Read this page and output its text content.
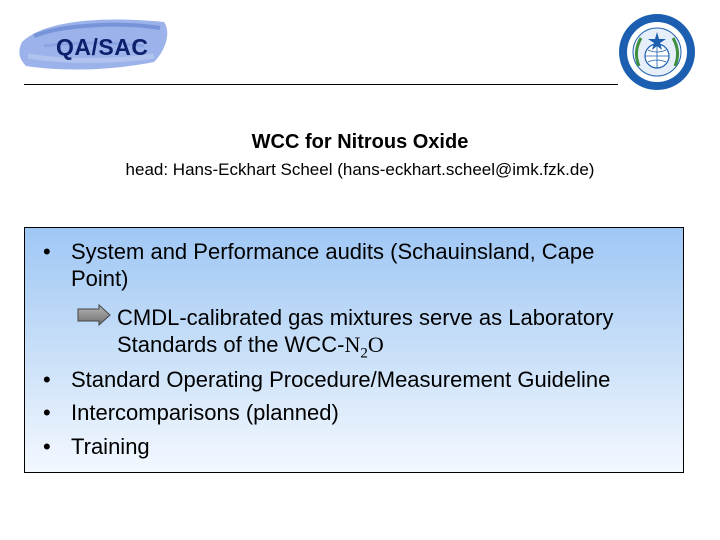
QA/SAC
WCC for Nitrous Oxide
head: Hans-Eckhart Scheel (hans-eckhart.scheel@imk.fzk.de)
• System and Performance audits (Schauinsland, Cape
Point)
CMDL-calibrated gas mixtures serve as Laboratory
Standards of the WCC-$N_2O$
• Standard Operating Procedure/Measurement Guideline
• Intercomparisons (planned)
• Training
